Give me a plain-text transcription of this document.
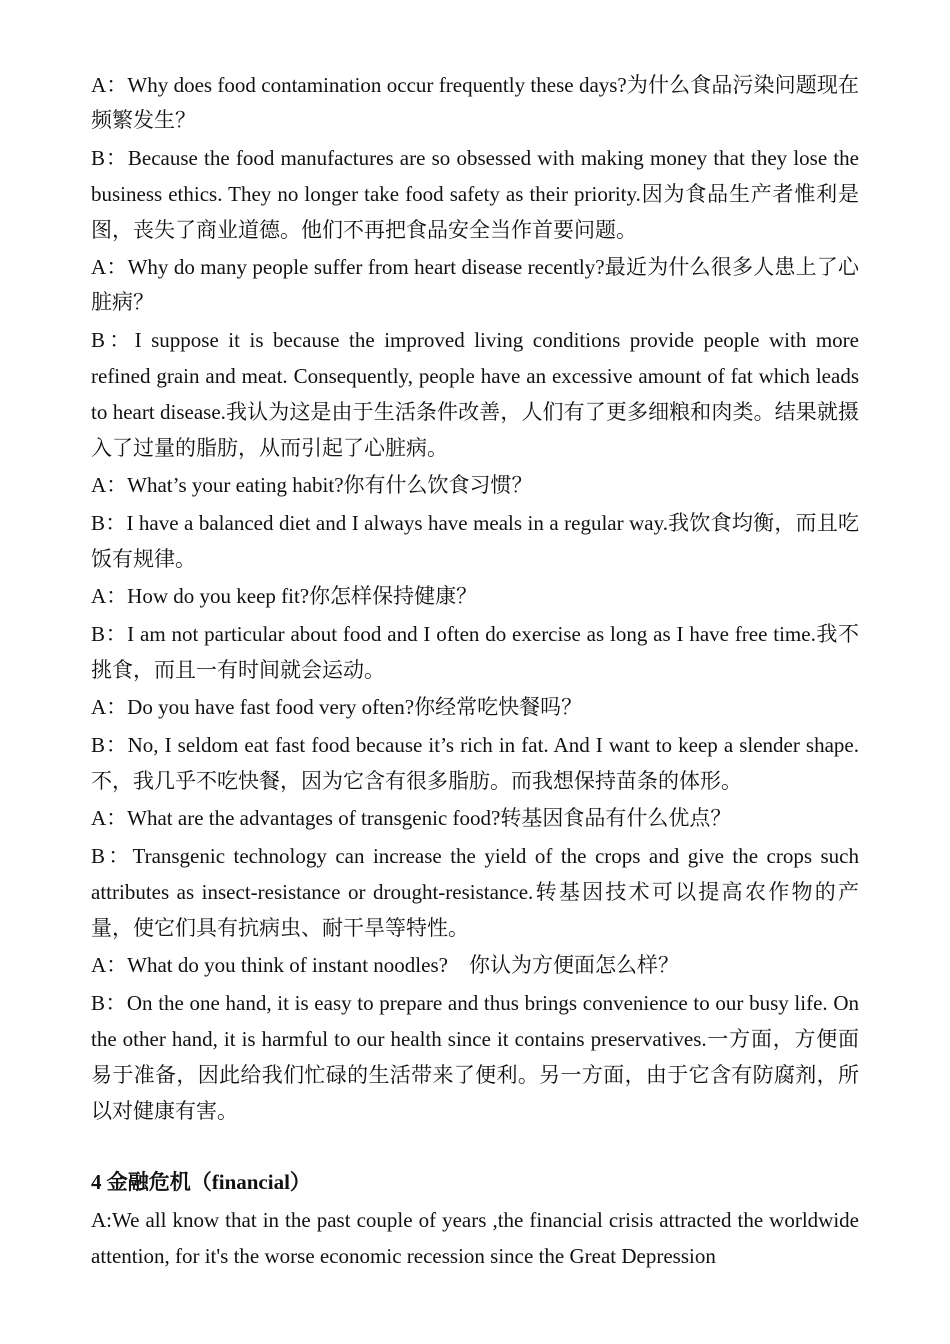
A：Why does food contamination occur frequently these days?为什么食品污染问题现在频繁发生？

B：Because the food manufactures are so obsessed with making money that they lose the business ethics. They no longer take food safety as their priority.因为食品生产者惟利是图，丧失了商业道德。他们不再把食品安全当作首要问题。

A：Why do many people suffer from heart disease recently?最近为什么很多人患上了心脏病？

B：I suppose it is because the improved living conditions provide people with more refined grain and meat. Consequently, people have an excessive amount of fat which leads to heart disease.我认为这是由于生活条件改善，人们有了更多细粮和肉类。结果就摄入了过量的脂肪，从而引起了心脏病。

A：What’s your eating habit?你有什么饮食习惯？

B：I have a balanced diet and I always have meals in a regular way.我饮食均衡，而且吃饭有规律。

A：How do you keep fit?你怎样保持健康？

B：I am not particular about food and I often do exercise as long as I have free time.我不挑食，而且一有时间就会运动。

A：Do you have fast food very often?你经常吃快餐吗？

B：No, I seldom eat fast food because it’s rich in fat. And I want to keep a slender shape.不，我几乎不吃快餐，因为它含有很多脂肪。而我想保持苗条的体形。

A：What are the advantages of transgenic food?转基因食品有什么优点？

B：Transgenic technology can increase the yield of the crops and give the crops such attributes as insect-resistance or drought-resistance.转基因技术可以提高农作物的产量，使它们具有抗病虫、耐干旱等特性。

A：What do you think of instant noodles?　你认为方便面怎么样？

B：On the one hand, it is easy to prepare and thus brings convenience to our busy life. On the other hand, it is harmful to our health since it contains preservatives.一方面，方便面易于准备，因此给我们忙碌的生活带来了便利。另一方面，由于它含有防腐剂，所以对健康有害。

4 金融危机（financial）

A:We all know that in the past couple of years ,the financial crisis attracted the worldwide attention, for it's the worse economic recession since the Great Depression
